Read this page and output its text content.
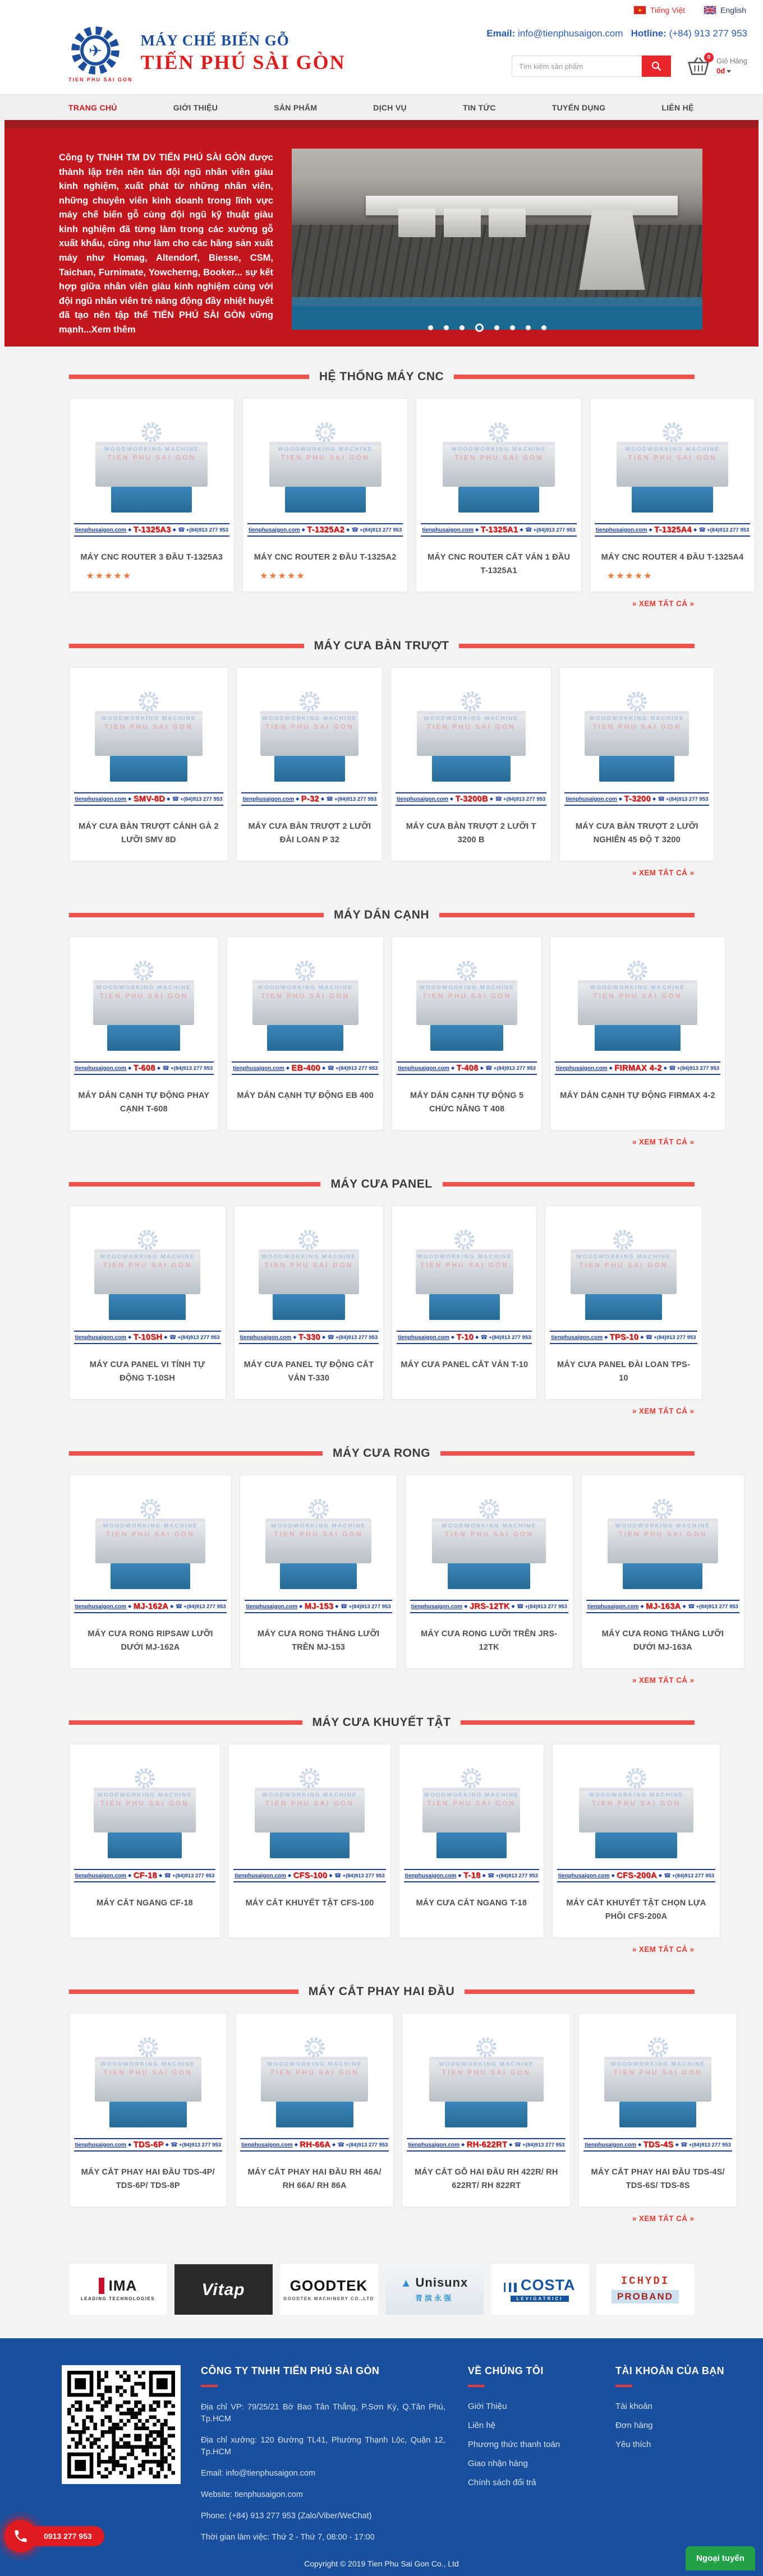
★ Tiếng Việt	English
✈
TIEN PHU SAI GON
MÁY CHẾ BIẾN GỖ
TIẾN PHÚ SÀI GÒN
Email: info@tienphusaigon.com Hotline: (+84) 913 277 953
Tìm kiếm sản phẩm
0 Giỏ Hàng
0đ
TRANG CHỦ	GIỚI THIỆU	SẢN PHẨM	DỊCH VỤ	TIN TỨC	TUYỂN DỤNG	LIÊN HỆ

Công ty TNHH TM DV TIẾN PHÚ SÀI GÒN được thành lập trên nền tản đội ngũ nhân viên giàu kinh nghiệm, xuất phát từ những nhân viên, những chuyên viên kinh doanh trong lĩnh vực máy chế biến gỗ cùng đội ngũ kỹ thuật giàu kinh nghiệm đã từng làm trong các xưởng gỗ xuất khẩu, cũng như làm cho các hãng sản xuất máy như Homag, Altendorf, Biesse, CSM, Taichan, Furnimate, Yowcherng, Booker... sự kết hợp giữa nhân viên giàu kinh nghiệm cùng với đội ngũ nhân viên trẻ năng động đầy nhiệt huyết đã tạo nên tập thể TIẾN PHÚ SÀI GÒN vững mạnh...Xem thêm

HỆ THỐNG MÁY CNC
✈
WOODWORKING MACHINE
TIEN PHU SAI GON
tienphusaigon.com ◆ T-1325A3 ◆	☎ +(84)913 277 953
MÁY CNC ROUTER 3 ĐẦU T-1325A3
★★★★★
✈
WOODWORKING MACHINE
TIEN PHU SAI GON
tienphusaigon.com ◆ T-1325A2 ◆	☎ +(84)913 277 953
MÁY CNC ROUTER 2 ĐẦU T-1325A2
★★★★★
✈
WOODWORKING MACHINE
TIEN PHU SAI GON
tienphusaigon.com ◆ T-1325A1 ◆	☎ +(84)913 277 953
MÁY CNC ROUTER CẮT VÁN 1 ĐẦU T-1325A1
✈
WOODWORKING MACHINE
TIEN PHU SAI GON
tienphusaigon.com ◆ T-1325A4 ◆	☎ +(84)913 277 953
MÁY CNC ROUTER 4 ĐẦU T-1325A4
★★★★★
» XEM TẤT CẢ »
MÁY CƯA BÀN TRƯỢT
✈
WOODWORKING MACHINE
TIEN PHU SAI GON
tienphusaigon.com ◆ SMV-8D ◆	☎ +(84)913 277 953
MÁY CƯA BÀN TRƯỢT CÁNH GÀ 2 LƯỠI SMV 8D
✈
WOODWORKING MACHINE
TIEN PHU SAI GON
tienphusaigon.com ◆ P-32 ◆	☎ +(84)913 277 953
MÁY CƯA BÀN TRƯỢT 2 LƯỠI ĐÀI LOAN P 32
✈
WOODWORKING MACHINE
TIEN PHU SAI GON
tienphusaigon.com ◆ T-3200B ◆	☎ +(84)913 277 953
MÁY CƯA BÀN TRƯỢT 2 LƯỠI T 3200 B
✈
WOODWORKING MACHINE
TIEN PHU SAI GON
tienphusaigon.com ◆ T-3200 ◆	☎ +(84)913 277 953
MÁY CƯA BÀN TRƯỢT 2 LƯỠI NGHIÊN 45 ĐỘ T 3200
» XEM TẤT CẢ »
MÁY DÁN CẠNH
✈
WOODWORKING MACHINE
TIEN PHU SAI GON
tienphusaigon.com ◆ T-608 ◆	☎ +(84)913 277 953
MÁY DÁN CẠNH TỰ ĐỘNG PHAY CẠNH T-608
✈
WOODWORKING MACHINE
TIEN PHU SAI GON
tienphusaigon.com ◆ EB-400 ◆	☎ +(84)913 277 953
MÁY DÁN CẠNH TỰ ĐỘNG EB 400
✈
WOODWORKING MACHINE
TIEN PHU SAI GON
tienphusaigon.com ◆ T-408 ◆	☎ +(84)913 277 953
MÁY DÁN CẠNH TỰ ĐỘNG 5 CHỨC NĂNG T 408
✈
WOODWORKING MACHINE
TIEN PHU SAI GON
tienphusaigon.com ◆ FIRMAX 4-2 ◆	☎ +(84)913 277 953
MÁY DÁN CẠNH TỰ ĐỘNG FIRMAX 4-2
» XEM TẤT CẢ »
MÁY CƯA PANEL
✈
WOODWORKING MACHINE
TIEN PHU SAI GON
tienphusaigon.com ◆ T-10SH ◆	☎ +(84)913 277 953
MÁY CƯA PANEL VI TÍNH TỰ ĐỘNG T-10SH
✈
WOODWORKING MACHINE
TIEN PHU SAI GON
tienphusaigon.com ◆ T-330 ◆	☎ +(84)913 277 953
MÁY CƯA PANEL TỰ ĐỘNG CẮT VÁN T-330
✈
WOODWORKING MACHINE
TIEN PHU SAI GON
tienphusaigon.com ◆ T-10 ◆	☎ +(84)913 277 953
MÁY CƯA PANEL CẮT VÁN T-10
✈
WOODWORKING MACHINE
TIEN PHU SAI GON
tienphusaigon.com ◆ TPS-10 ◆	☎ +(84)913 277 953
MÁY CƯA PANEL ĐÀI LOAN TPS-10
» XEM TẤT CẢ »
MÁY CƯA RONG
✈
WOODWORKING MACHINE
TIEN PHU SAI GON
tienphusaigon.com ◆ MJ-162A ◆	☎ +(84)913 277 953
MÁY CƯA RONG RIPSAW LƯỠI DƯỚI MJ-162A
✈
WOODWORKING MACHINE
TIEN PHU SAI GON
tienphusaigon.com ◆ MJ-153 ◆	☎ +(84)913 277 953
MÁY CƯA RONG THẲNG LƯỠI TRÊN MJ-153
✈
WOODWORKING MACHINE
TIEN PHU SAI GON
tienphusaigon.com ◆ JRS-12TK ◆	☎ +(84)913 277 953
MÁY CƯA RONG LƯỠI TRÊN JRS-12TK
✈
WOODWORKING MACHINE
TIEN PHU SAI GON
tienphusaigon.com ◆ MJ-163A ◆	☎ +(84)913 277 953
MÁY CƯA RONG THẲNG LƯỠI DƯỚI MJ-163A
» XEM TẤT CẢ »
MÁY CƯA KHUYẾT TẬT
✈
WOODWORKING MACHINE
TIEN PHU SAI GON
tienphusaigon.com ◆ CF-18 ◆	☎ +(84)913 277 953
MÁY CẮT NGANG CF-18
✈
WOODWORKING MACHINE
TIEN PHU SAI GON
tienphusaigon.com ◆ CFS-100 ◆	☎ +(84)913 277 953
MÁY CẮT KHUYẾT TẬT CFS-100
✈
WOODWORKING MACHINE
TIEN PHU SAI GON
tienphusaigon.com ◆ T-18 ◆	☎ +(84)913 277 953
MÁY CƯA CẮT NGANG T-18
✈
WOODWORKING MACHINE
TIEN PHU SAI GON
tienphusaigon.com ◆ CFS-200A ◆	☎ +(84)913 277 953
MÁY CẮT KHUYẾT TẬT CHỌN LỰA PHÔI CFS-200A
» XEM TẤT CẢ »
MÁY CẮT PHAY HAI ĐẦU
✈
WOODWORKING MACHINE
TIEN PHU SAI GON
tienphusaigon.com ◆ TDS-6P ◆	☎ +(84)913 277 953
MÁY CẮT PHAY HAI ĐẦU TDS-4P/ TDS-6P/ TDS-8P
✈
WOODWORKING MACHINE
TIEN PHU SAI GON
tienphusaigon.com ◆ RH-66A ◆	☎ +(84)913 277 953
MÁY CẮT PHAY HAI ĐẦU RH 46A/ RH 66A/ RH 86A
✈
WOODWORKING MACHINE
TIEN PHU SAI GON
tienphusaigon.com ◆ RH-622RT ◆	☎ +(84)913 277 953
MÁY CẮT GỖ HAI ĐẦU RH 422R/ RH 622RT/ RH 822RT
✈
WOODWORKING MACHINE
TIEN PHU SAI GON
tienphusaigon.com ◆ TDS-4S ◆	☎ +(84)913 277 953
MÁY CẮT PHAY HAI ĐẦU TDS-4S/ TDS-6S/ TDS-8S
» XEM TẤT CẢ »
IMA
LEADING TECHNOLOGIES	Vitap	GOODTEK
GOODTEK MACHINERY CO.,LTD
▲ Unisunx
青滨永强
▎▍▌ COSTA
LEVIGATRICI
ICHYDI
PROBAND
CÔNG TY TNHH TIẾN PHÚ SÀI GÒN

Địa chỉ VP: 79/25/21 Bờ Bao Tân Thắng, P.Sơn Kỳ, Q.Tân Phú, Tp.HCM

Địa chỉ xưởng: 120 Đường TL41, Phường Thạnh Lộc, Quận 12, Tp.HCM

Email: info@tienphusaigon.com

Website: tienphusaigon.com

Phone: (+84) 913 277 953 (Zalo/Viber/WeChat)

Thời gian làm việc: Thứ 2 - Thứ 7, 08:00 - 17:00

VỀ CHÚNG TÔI
Giới Thiệu
Liên hệ
Phương thức thanh toán
Giao nhận hàng
Chính sách đổi trả
TÀI KHOẢN CỦA BẠN
Tài khoản
Đơn hàng
Yêu thích
Copyright © 2019 Tien Phu Sai Gon Co., Ltd
0913 277 953
Ngoại tuyến
